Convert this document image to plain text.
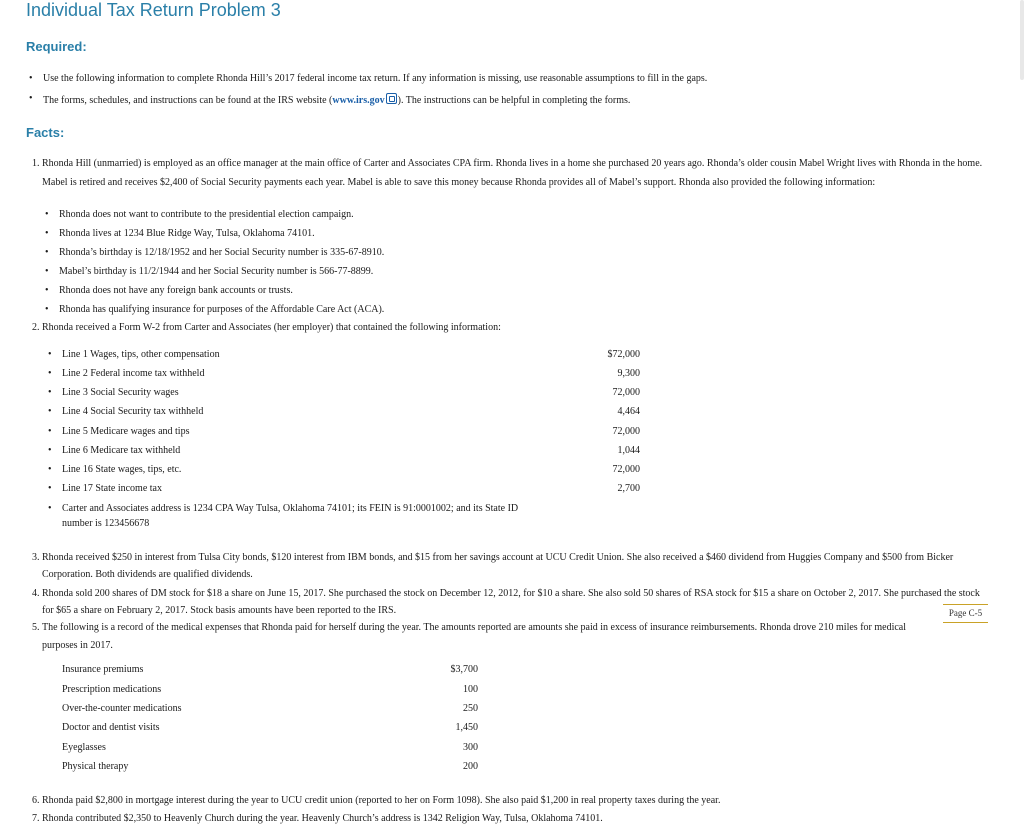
Individual Tax Return Problem 3
Required:
• Use the following information to complete Rhonda Hill’s 2017 federal income tax return. If any information is missing, use reasonable assumptions to fill in the gaps.
• The forms, schedules, and instructions can be found at the IRS website (www.irs.gov ). The instructions can be helpful in completing the forms.
Facts:
1. Rhonda Hill (unmarried) is employed as an office manager at the main office of Carter and Associates CPA firm. Rhonda lives in a home she purchased 20 years ago. Rhonda’s older cousin Mabel Wright lives with Rhonda in the home. Mabel is retired and receives $2,400 of Social Security payments each year. Mabel is able to save this money because Rhonda provides all of Mabel’s support. Rhonda also provided the following information:
• Rhonda does not want to contribute to the presidential election campaign.
• Rhonda lives at 1234 Blue Ridge Way, Tulsa, Oklahoma 74101.
• Rhonda’s birthday is 12/18/1952 and her Social Security number is 335-67-8910.
• Mabel’s birthday is 11/2/1944 and her Social Security number is 566-77-8899.
• Rhonda does not have any foreign bank accounts or trusts.
• Rhonda has qualifying insurance for purposes of the Affordable Care Act (ACA).
2. Rhonda received a Form W-2 from Carter and Associates (her employer) that contained the following information:
• Line 1 Wages, tips, other compensation	$72,000
• Line 2 Federal income tax withheld	9,300
• Line 3 Social Security wages	72,000
• Line 4 Social Security tax withheld	4,464
• Line 5 Medicare wages and tips	72,000
• Line 6 Medicare tax withheld	1,044
• Line 16 State wages, tips, etc.	72,000
• Line 17 State income tax	2,700
• Carter and Associates address is 1234 CPA Way Tulsa, Oklahoma 74101; its FEIN is 91:0001002; and its State ID
number is 123456678
3. Rhonda received $250 in interest from Tulsa City bonds, $120 interest from IBM bonds, and $15 from her savings account at UCU Credit Union. She also received a $460 dividend from Huggies Company and $500 from Bicker Corporation. Both dividends are qualified dividends.
4. Rhonda sold 200 shares of DM stock for $18 a share on June 15, 2017. She purchased the stock on December 12, 2012, for $10 a share. She also sold 50 shares of RSA stock for $15 a share on October 2, 2017. She purchased the stock for $65 a share on February 2, 2017. Stock basis amounts have been reported to the IRS.	Page C-5
5. The following is a record of the medical expenses that Rhonda paid for herself during the year. The amounts reported are amounts she paid in excess of insurance reimbursements. Rhonda drove 210 miles for medical purposes in 2017.
Insurance premiums	$3,700
Prescription medications	100
Over-the-counter medications	250
Doctor and dentist visits	1,450
Eyeglasses	300
Physical therapy	200
6. Rhonda paid $2,800 in mortgage interest during the year to UCU credit union (reported to her on Form 1098). She also paid $1,200 in real property taxes during the year.
7. Rhonda contributed $2,350 to Heavenly Church during the year. Heavenly Church’s address is 1342 Religion Way, Tulsa, Oklahoma 74101.
